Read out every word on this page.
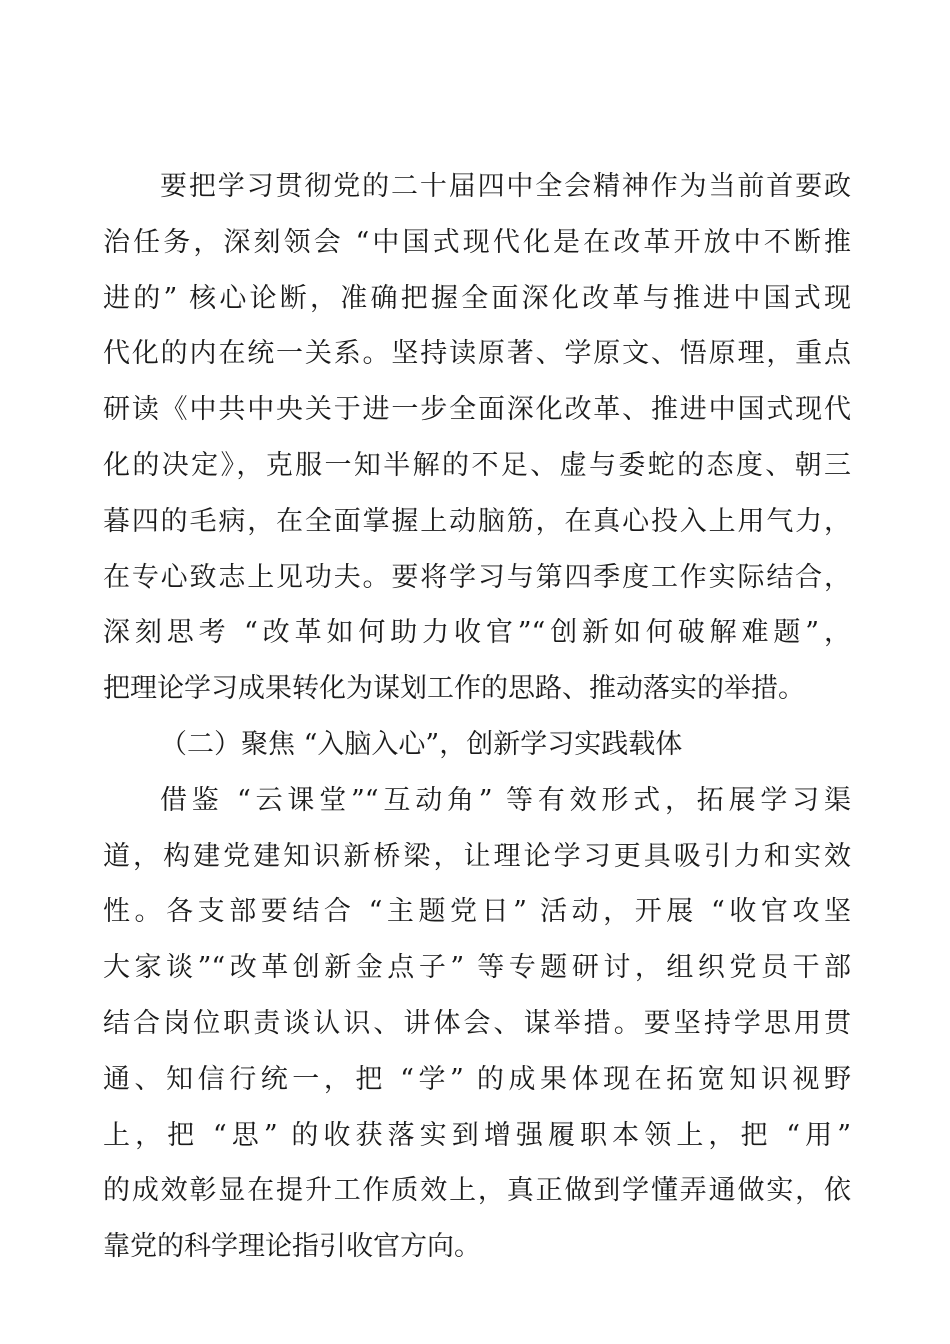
要把学习贯彻党的二十届四中全会精神作为当前首要政
治任务，深刻领会 “中国式现代化是在改革开放中不断推
进的” 核心论断，准确把握全面深化改革与推进中国式现
代化的内在统一关系。坚持读原著、学原文、悟原理，重点
研读《中共中央关于进一步全面深化改革、推进中国式现代
化的决定》，克服一知半解的不足、虚与委蛇的态度、朝三
暮四的毛病，在全面掌握上动脑筋，在真心投入上用气力，
在专心致志上见功夫。要将学习与第四季度工作实际结合，
深刻思考 “改革如何助力收官”“创新如何破解难题”，
把理论学习成果转化为谋划工作的思路、推动落实的举措。
（二）聚焦 “入脑入心”，创新学习实践载体
借鉴 “云课堂”“互动角” 等有效形式，拓展学习渠
道，构建党建知识新桥梁，让理论学习更具吸引力和实效
性。各支部要结合 “主题党日” 活动，开展 “收官攻坚
大家谈”“改革创新金点子” 等专题研讨，组织党员干部
结合岗位职责谈认识、讲体会、谋举措。要坚持学思用贯
通、知信行统一，把 “学” 的成果体现在拓宽知识视野
上，把 “思” 的收获落实到增强履职本领上，把 “用”
的成效彰显在提升工作质效上，真正做到学懂弄通做实，依
靠党的科学理论指引收官方向。
